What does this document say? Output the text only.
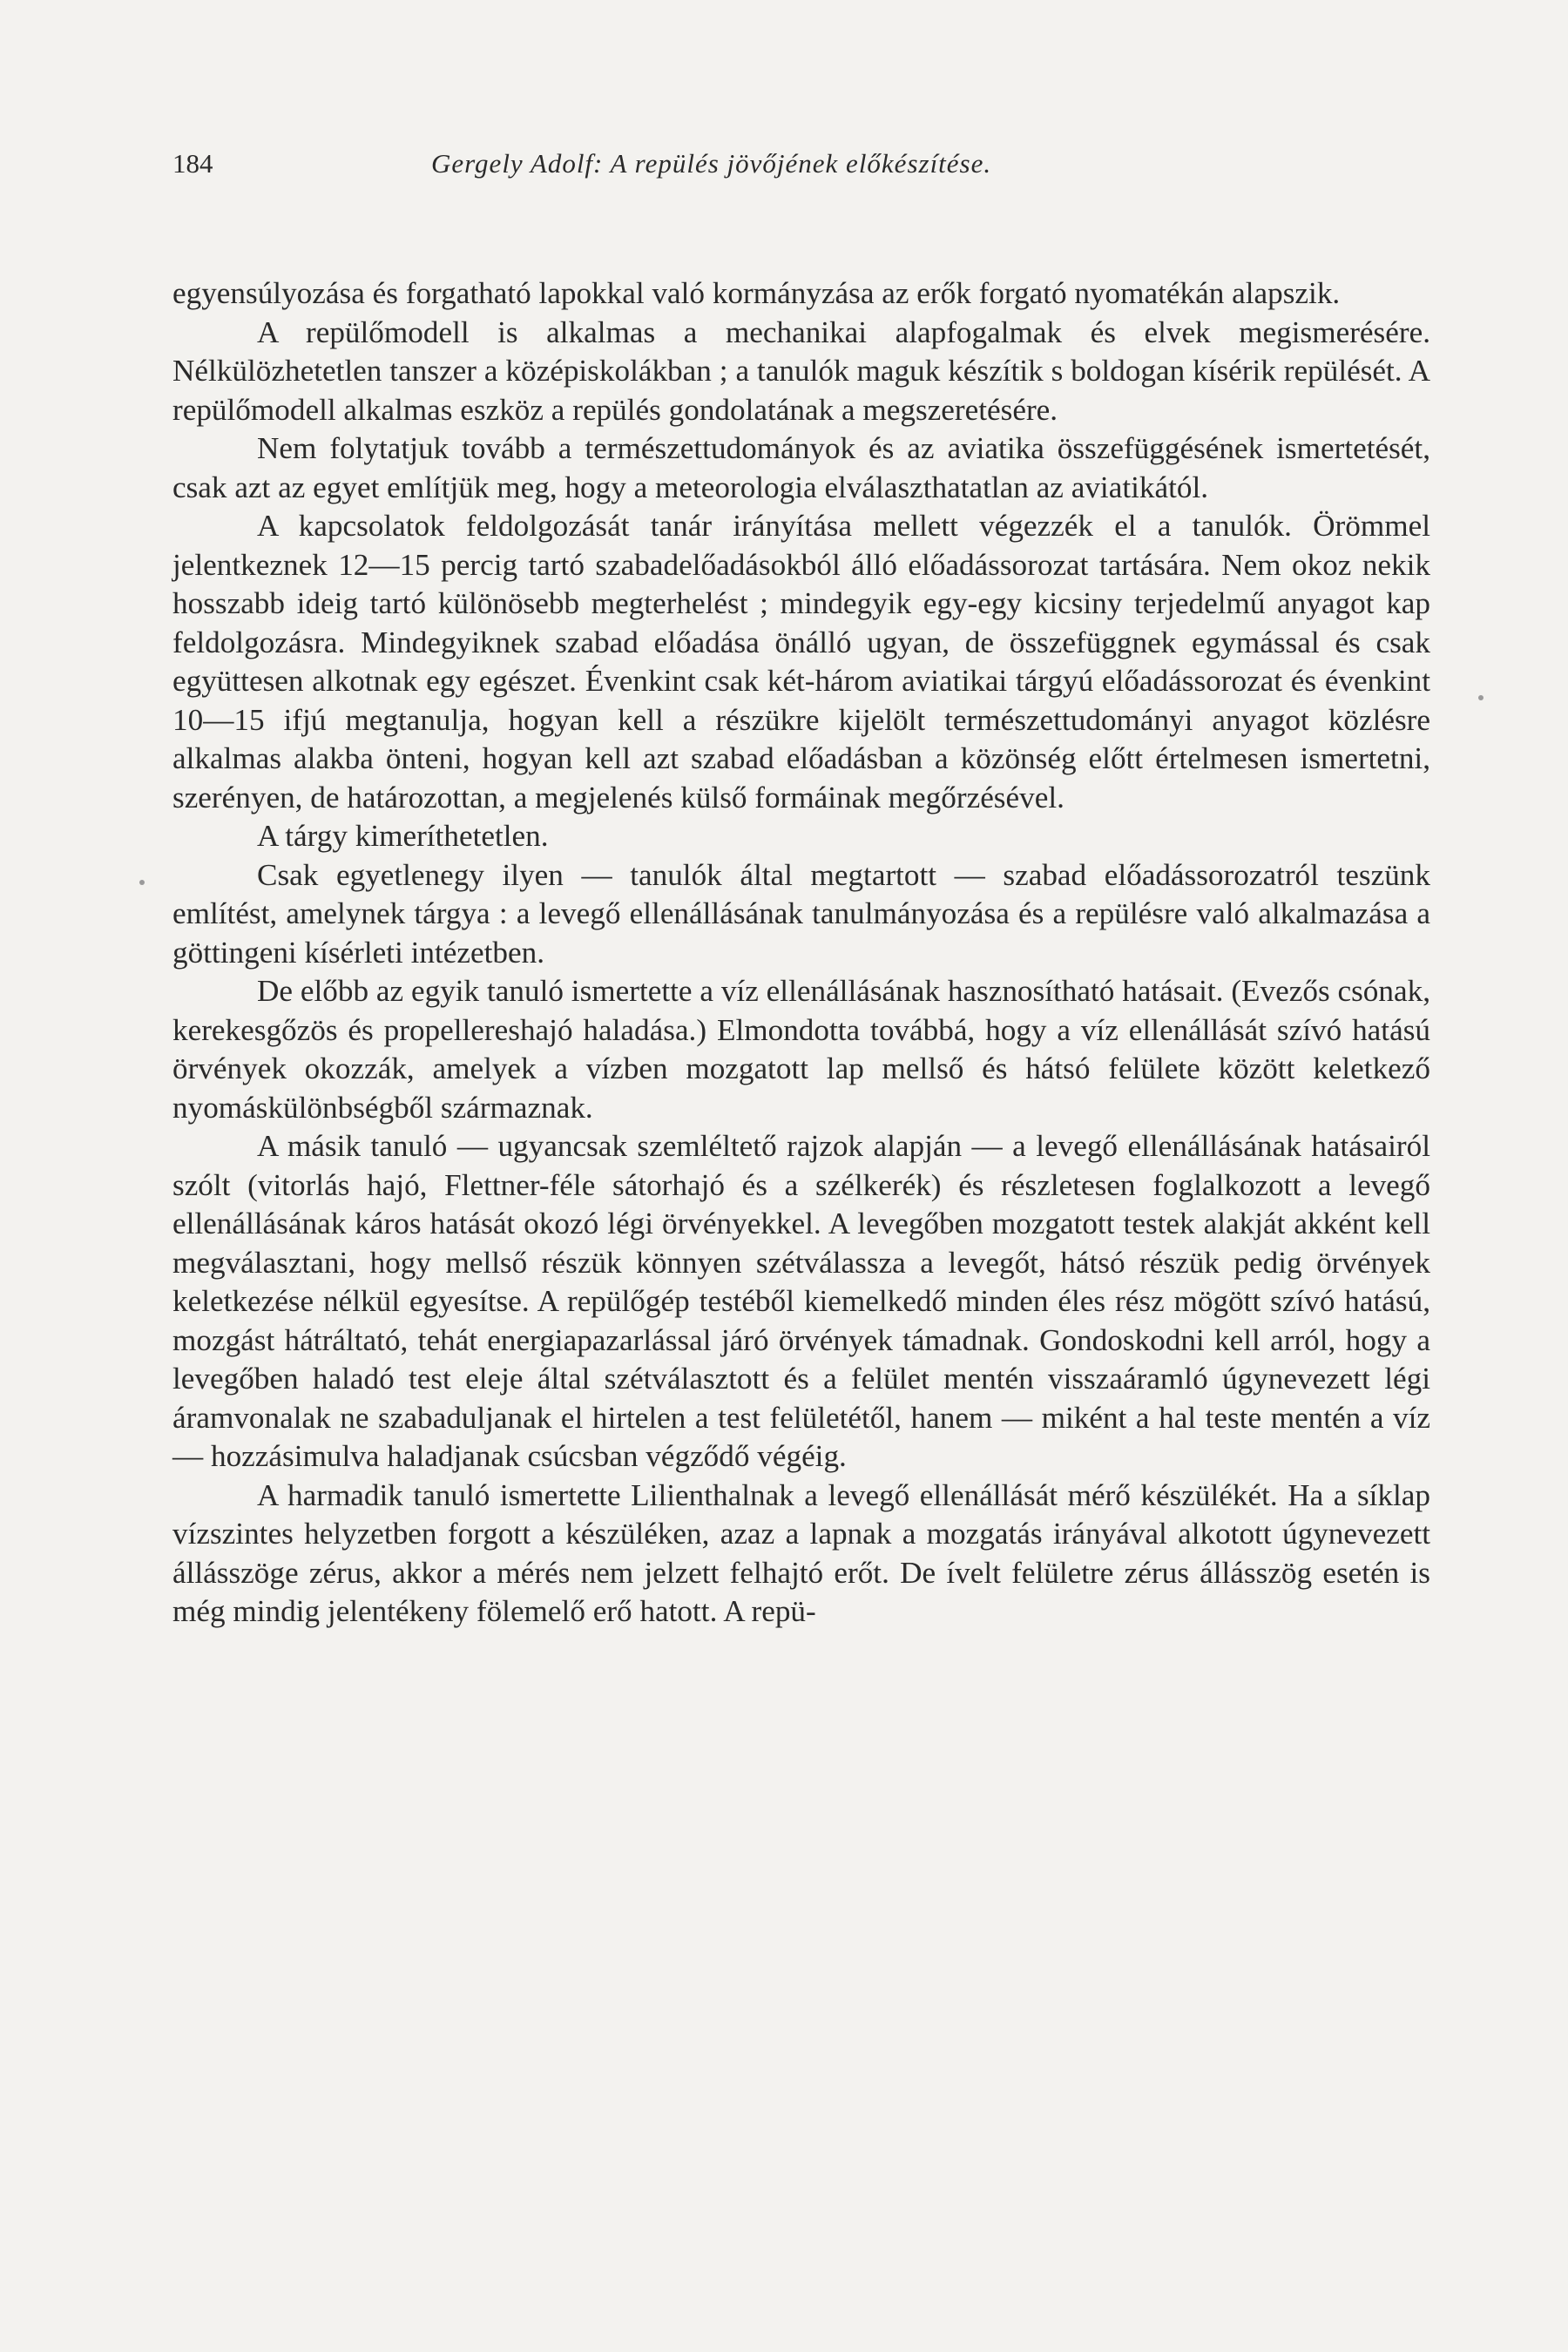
184	Gergely Adolf: A repülés jövőjének előkészítése.

egyensúlyozása és forgatható lapokkal való kormányzása az erők forgató nyomatékán alapszik.

A repülőmodell is alkalmas a mechanikai alapfogalmak és elvek megismerésére. Nélkülözhetetlen tanszer a középiskolákban ; a tanulók maguk készítik s boldogan kísérik repülését. A repülőmodell alkalmas eszköz a repülés gondolatának a megszeretésére.

Nem folytatjuk tovább a természettudományok és az aviatika összefüggésének ismertetését, csak azt az egyet említjük meg, hogy a meteorologia elválaszthatatlan az aviatikától.

A kapcsolatok feldolgozását tanár irányítása mellett végezzék el a tanulók. Örömmel jelentkeznek 12—15 percig tartó szabadelőadásokból álló előadássorozat tartására. Nem okoz nekik hosszabb ideig tartó különösebb megterhelést ; mindegyik egy-egy kicsiny terjedelmű anyagot kap feldolgozásra. Mindegyiknek szabad előadása önálló ugyan, de összefüggnek egymással és csak együttesen alkotnak egy egészet. Évenkint csak két-három aviatikai tárgyú előadássorozat és évenkint 10—15 ifjú megtanulja, hogyan kell a részükre kijelölt természettudományi anyagot közlésre alkalmas alakba önteni, hogyan kell azt szabad előadásban a közönség előtt értelmesen ismertetni, szerényen, de határozottan, a megjelenés külső formáinak megőrzésével.

A tárgy kimeríthetetlen.

Csak egyetlenegy ilyen — tanulók által megtartott — szabad előadássorozatról teszünk említést, amelynek tárgya : a levegő ellenállásának tanulmányozása és a repülésre való alkalmazása a göttingeni kísérleti intézetben.

De előbb az egyik tanuló ismertette a víz ellenállásának hasznosítható hatásait. (Evezős csónak, kerekesgőzös és propellereshajó haladása.) Elmondotta továbbá, hogy a víz ellenállását szívó hatású örvények okozzák, amelyek a vízben mozgatott lap mellső és hátsó felülete között keletkező nyomáskülönbségből származnak.

A másik tanuló — ugyancsak szemléltető rajzok alapján — a levegő ellenállásának hatásairól szólt (vitorlás hajó, Flettner-féle sátorhajó és a szélkerék) és részletesen foglalkozott a levegő ellenállásának káros hatását okozó légi örvényekkel. A levegőben mozgatott testek alakját akként kell megválasztani, hogy mellső részük könnyen szétválassza a levegőt, hátsó részük pedig örvények keletkezése nélkül egyesítse. A repülőgép testéből kiemelkedő minden éles rész mögött szívó hatású, mozgást hátráltató, tehát energiapazarlással járó örvények támadnak. Gondoskodni kell arról, hogy a levegőben haladó test eleje által szétválasztott és a felület mentén visszaáramló úgynevezett légi áramvonalak ne szabaduljanak el hirtelen a test felületétől, hanem — miként a hal teste mentén a víz — hozzásimulva haladjanak csúcsban végződő végéig.

A harmadik tanuló ismertette Lilienthalnak a levegő ellenállását mérő készülékét. Ha a síklap vízszintes helyzetben forgott a készüléken, azaz a lapnak a mozgatás irányával alkotott úgynevezett állásszöge zérus, akkor a mérés nem jelzett felhajtó erőt. De ívelt felületre zérus állásszög esetén is még mindig jelentékeny fölemelő erő hatott. A repü-
